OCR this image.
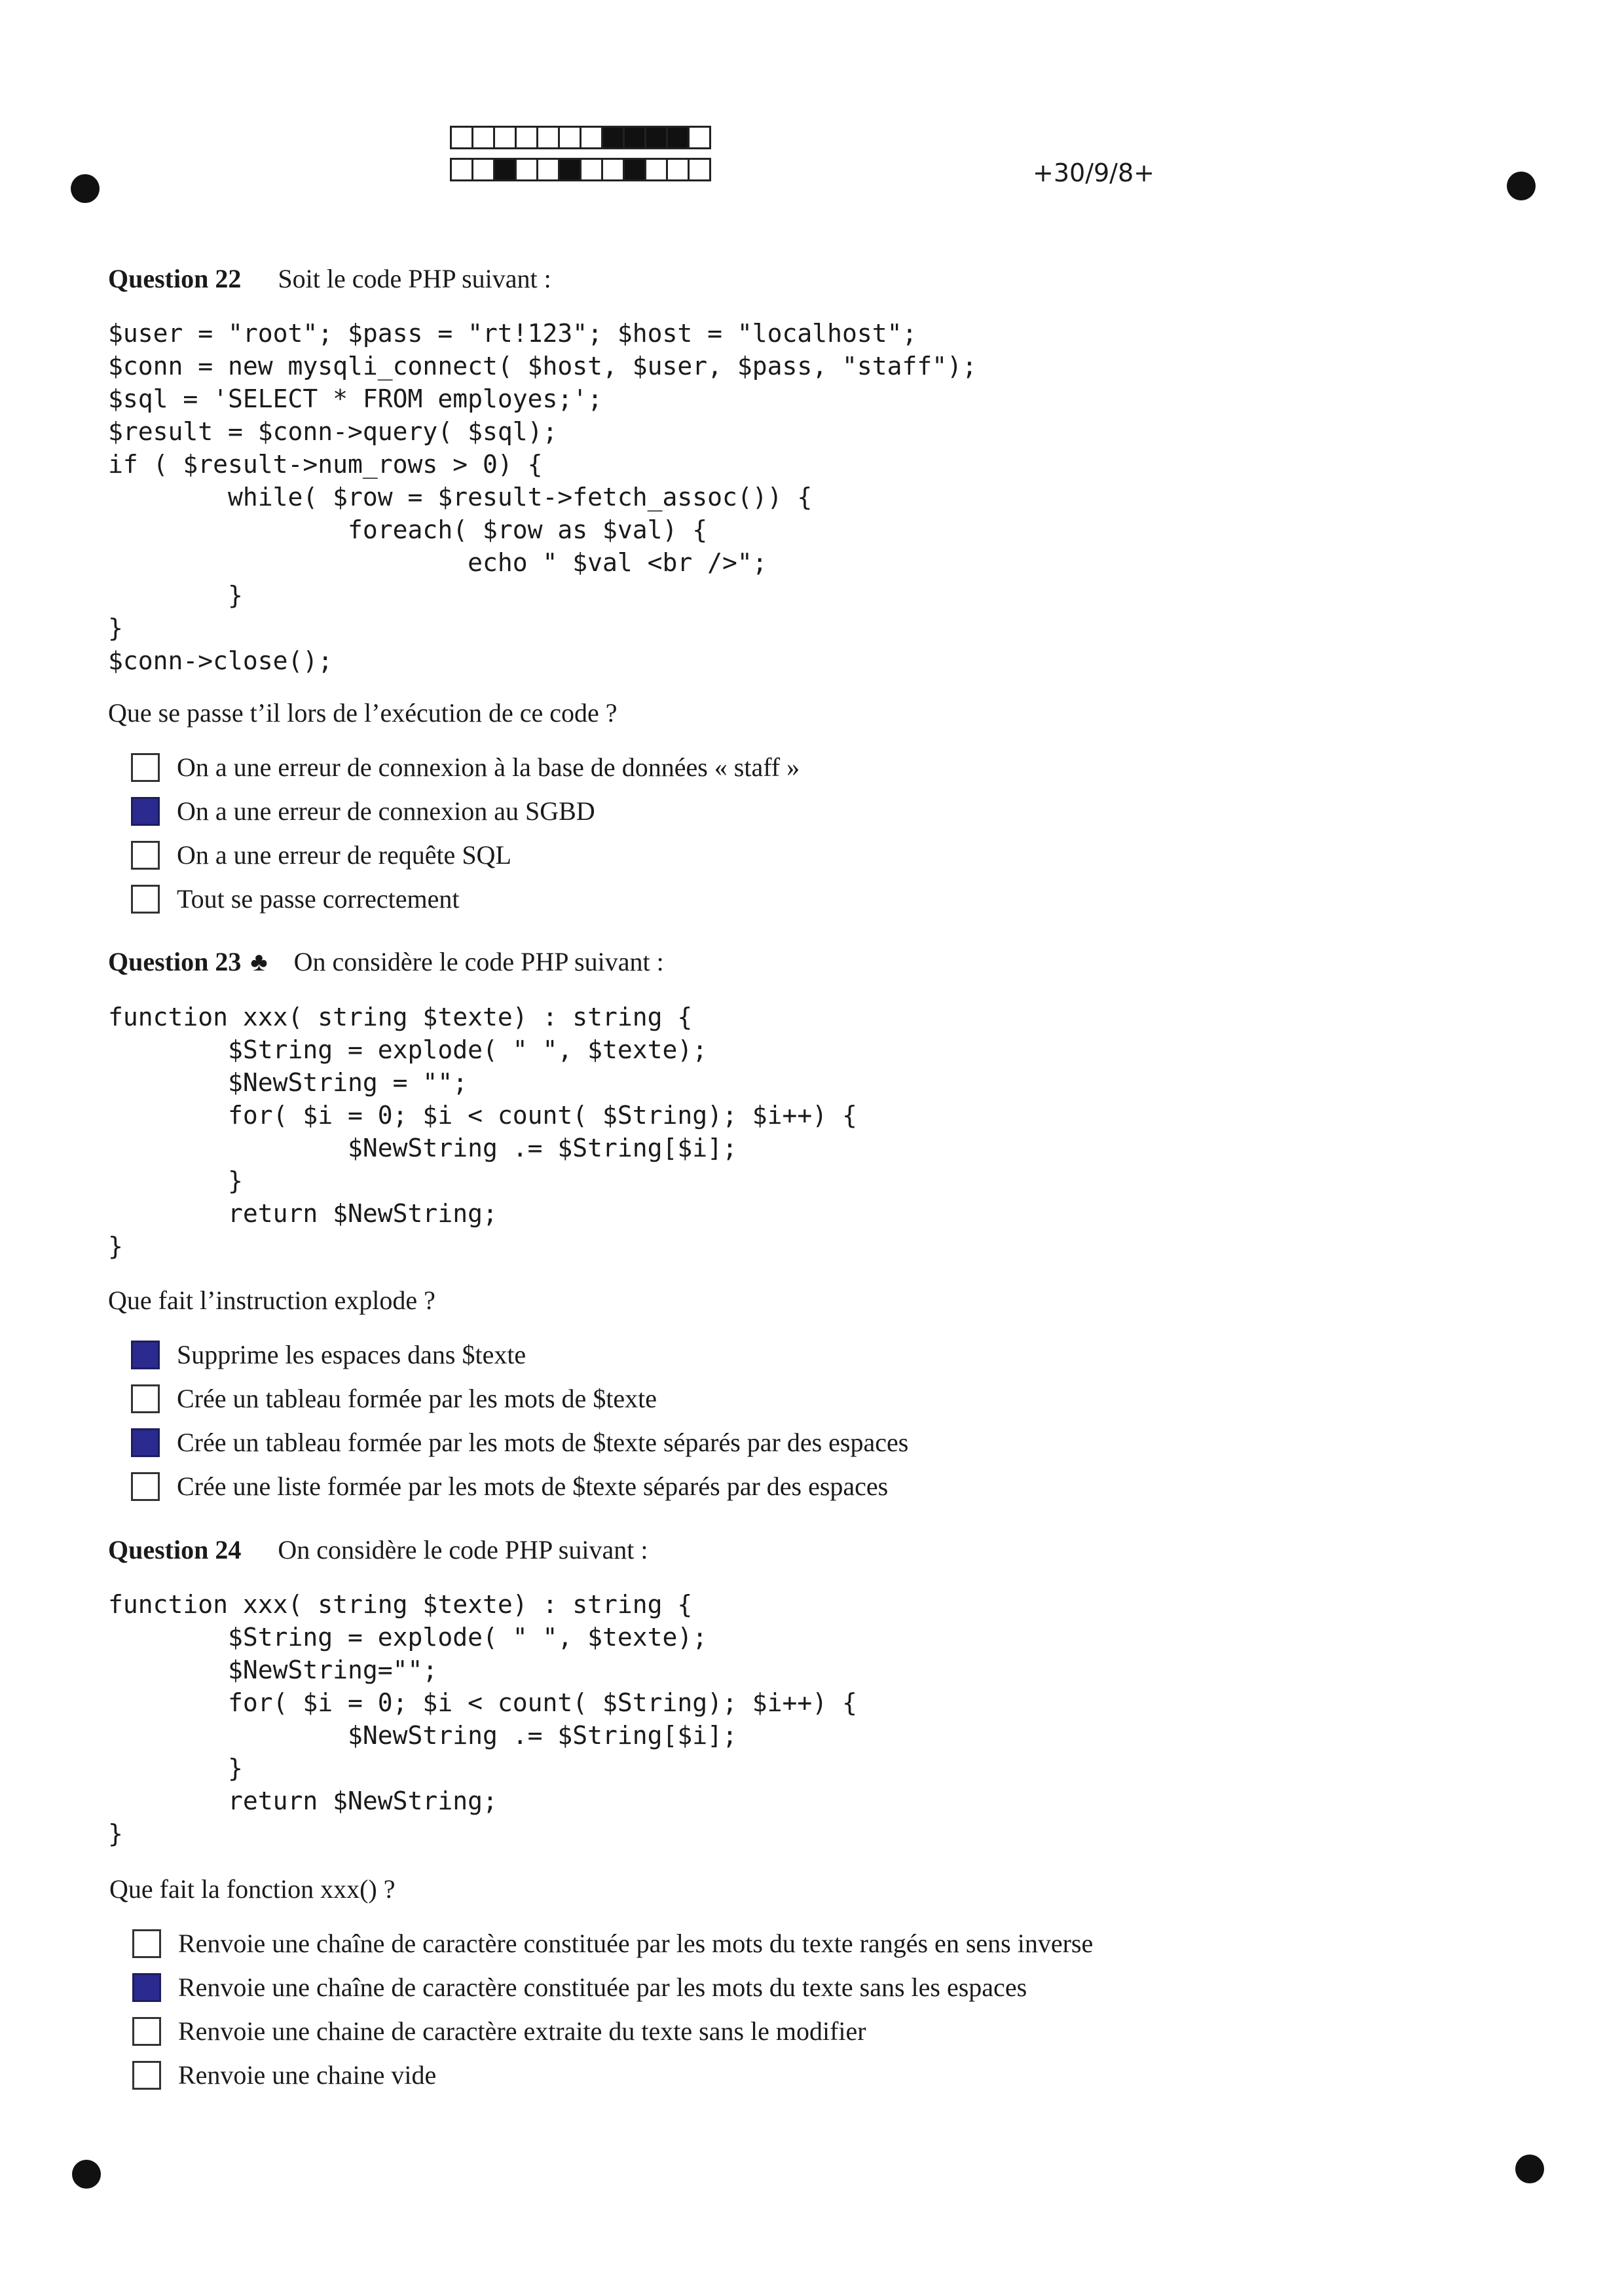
+30/9/8+
Question 22 Soit le code PHP suivant :
$user = "root"; $pass = "rt!123"; $host = "localhost";
$conn = new mysqli_connect( $host, $user, $pass, "staff");
$sql = 'SELECT * FROM employes;';
$result = $conn->query( $sql);
if ( $result->num_rows > 0) {
while( $row = $result->fetch_assoc()) {
foreach( $row as $val) {
echo " $val <br />";
}
}
$conn->close();
Que se passe t’il lors de l’exécution de ce code ?
On a une erreur de connexion à la base de données « staff »
On a une erreur de connexion au SGBD
On a une erreur de requête SQL
Tout se passe correctement
Question 23 ♣ On considère le code PHP suivant :
function xxx( string $texte) : string {
$String = explode( " ", $texte);
$NewString = "";
for( $i = 0; $i < count( $String); $i++) {
$NewString .= $String[$i];
}
return $NewString;
}
Que fait l’instruction explode ?
Supprime les espaces dans $texte
Crée un tableau formée par les mots de $texte
Crée un tableau formée par les mots de $texte séparés par des espaces
Crée une liste formée par les mots de $texte séparés par des espaces
Question 24 On considère le code PHP suivant :
function xxx( string $texte) : string {
$String = explode( " ", $texte);
$NewString="";
for( $i = 0; $i < count( $String); $i++) {
$NewString .= $String[$i];
}
return $NewString;
}
Que fait la fonction xxx() ?
Renvoie une chaîne de caractère constituée par les mots du texte rangés en sens inverse
Renvoie une chaîne de caractère constituée par les mots du texte sans les espaces
Renvoie une chaine de caractère extraite du texte sans le modifier
Renvoie une chaine vide
